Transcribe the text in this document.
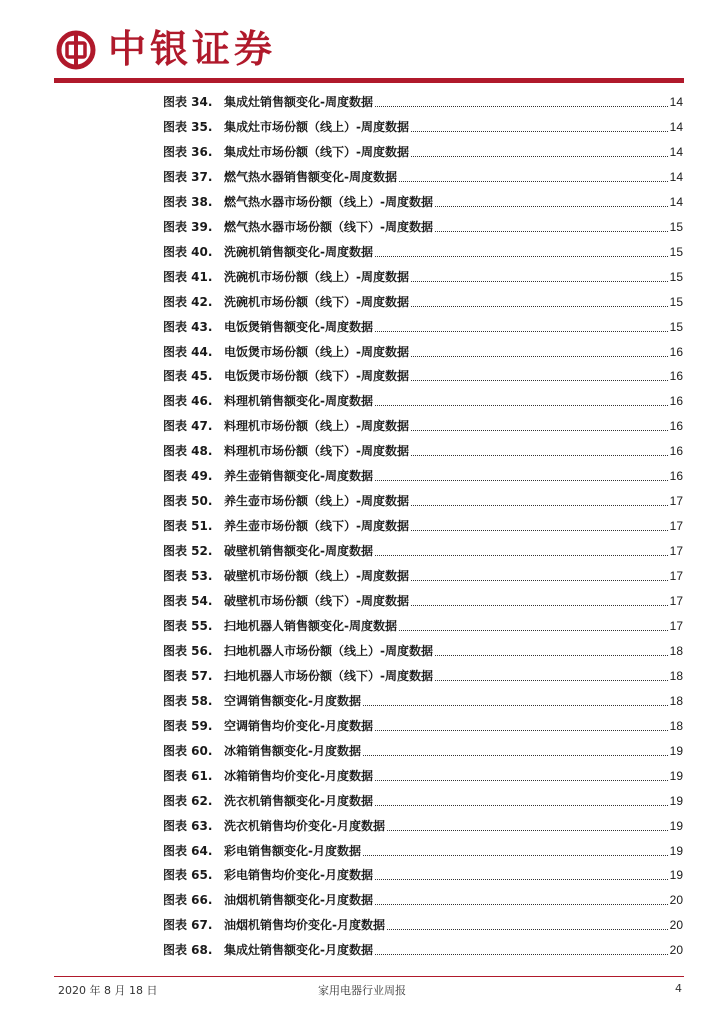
中银证券
图表 34. 集成灶销售额变化-周度数据	14
图表 35. 集成灶市场份额（线上）-周度数据	14
图表 36. 集成灶市场份额（线下）-周度数据	14
图表 37. 燃气热水器销售额变化-周度数据	14
图表 38. 燃气热水器市场份额（线上）-周度数据	14
图表 39. 燃气热水器市场份额（线下）-周度数据	15
图表 40. 洗碗机销售额变化-周度数据	15
图表 41. 洗碗机市场份额（线上）-周度数据	15
图表 42. 洗碗机市场份额（线下）-周度数据	15
图表 43. 电饭煲销售额变化-周度数据	15
图表 44. 电饭煲市场份额（线上）-周度数据	16
图表 45. 电饭煲市场份额（线下）-周度数据	16
图表 46. 料理机销售额变化-周度数据	16
图表 47. 料理机市场份额（线上）-周度数据	16
图表 48. 料理机市场份额（线下）-周度数据	16
图表 49. 养生壶销售额变化-周度数据	16
图表 50. 养生壶市场份额（线上）-周度数据	17
图表 51. 养生壶市场份额（线下）-周度数据	17
图表 52. 破壁机销售额变化-周度数据	17
图表 53. 破壁机市场份额（线上）-周度数据	17
图表 54. 破壁机市场份额（线下）-周度数据	17
图表 55. 扫地机器人销售额变化-周度数据	17
图表 56. 扫地机器人市场份额（线上）-周度数据	18
图表 57. 扫地机器人市场份额（线下）-周度数据	18
图表 58. 空调销售额变化-月度数据	18
图表 59. 空调销售均价变化-月度数据	18
图表 60. 冰箱销售额变化-月度数据	19
图表 61. 冰箱销售均价变化-月度数据	19
图表 62. 洗衣机销售额变化-月度数据	19
图表 63. 洗衣机销售均价变化-月度数据	19
图表 64. 彩电销售额变化-月度数据	19
图表 65. 彩电销售均价变化-月度数据	19
图表 66. 油烟机销售额变化-月度数据	20
图表 67. 油烟机销售均价变化-月度数据	20
图表 68. 集成灶销售额变化-月度数据	20
2020 年 8 月 18 日	家用电器行业周报	4
